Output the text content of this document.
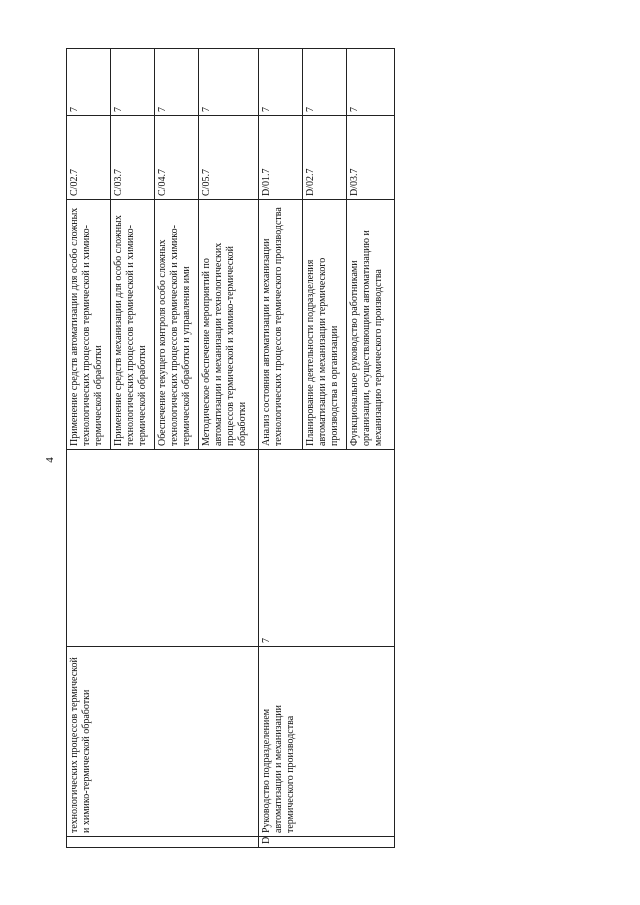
4
	технологических процессов термической и химико-термической обработки		Применение средств автоматизации для особо сложных технологических процессов термической и химико-термической обработки	C/02.7	7
			Применение средств механизации для особо сложных технологических процессов термической и химико-термической обработки	C/03.7	7
			Обеспечение текущего контроля особо сложных технологических процессов термической и химико-термической обработки и управления ими	C/04.7	7
			Методическое обеспечение мероприятий по автоматизации и механизации технологических процессов термической и химико-термической обработки	C/05.7	7
D	Руководство подразделением автоматизации и механизации термического производства	7	Анализ состояния автоматизации и механизации технологических процессов термического производства	D/01.7	7
			Планирование деятельности подразделения автоматизации и механизации термического производства в организации	D/02.7	7
			Функциональное руководство работниками организации, осуществляющими автоматизацию и механизацию термического производства	D/03.7	7
